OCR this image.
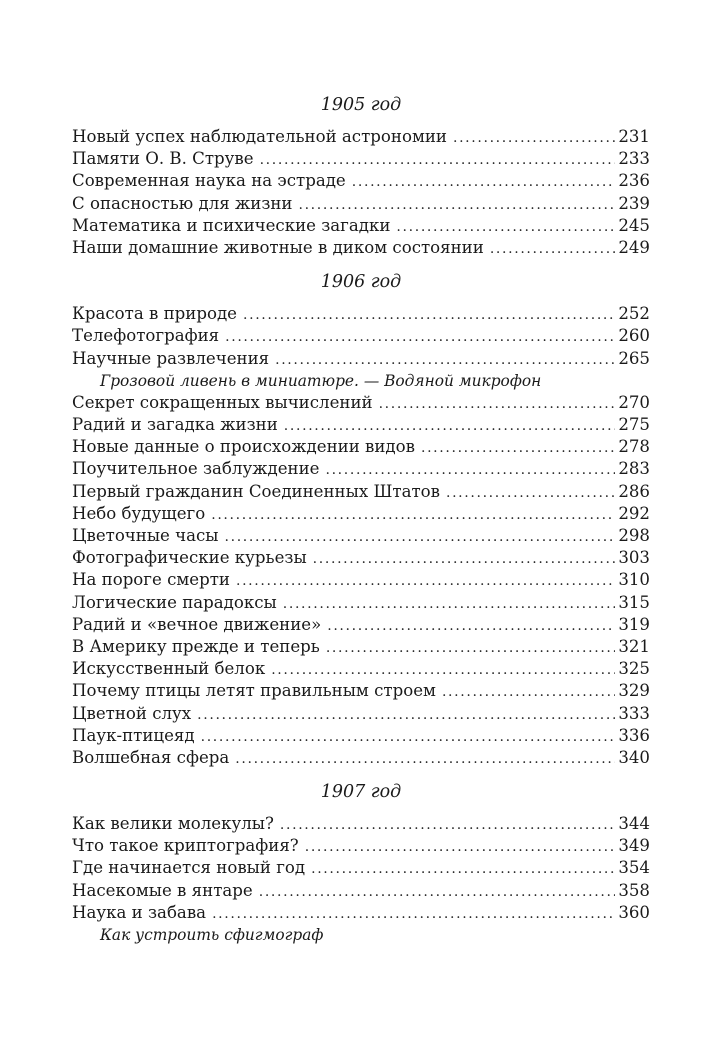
1905 год
Новый успех наблюдательной астрономии . . .	231
Памяти О. В. Струве . . .	233
Современная наука на эстраде . . .	236
С опасностью для жизни . . .	239
Математика и психические загадки . . .	245
Наши домашние животные в диком состоянии . . .	249
1906 год
Красота в природе . . .	252
Телефотография . . .	260
Научные развлечения . . .	265
Грозовой ливень в миниатюре. — Водяной микрофон
Секрет сокращенных вычислений . . .	270
Радий и загадка жизни . . .	275
Новые данные о происхождении видов . . .	278
Поучительное заблуждение . . .	283
Первый гражданин Соединенных Штатов . . .	286
Небо будущего . . .	292
Цветочные часы . . .	298
Фотографические курьезы . . .	303
На пороге смерти . . .	310
Логические парадоксы . . .	315
Радий и «вечное движение» . . .	319
В Америку прежде и теперь . . .	321
Искусственный белок . . .	325
Почему птицы летят правильным строем . . .	329
Цветной слух . . .	333
Паук-птицеяд . . .	336
Волшебная сфера . . .	340
1907 год
Как велики молекулы? . . .	344
Что такое криптография? . . .	349
Где начинается новый год . . .	354
Насекомые в янтаре . . .	358
Наука и забава . . .	360
Как устроить сфигмограф
